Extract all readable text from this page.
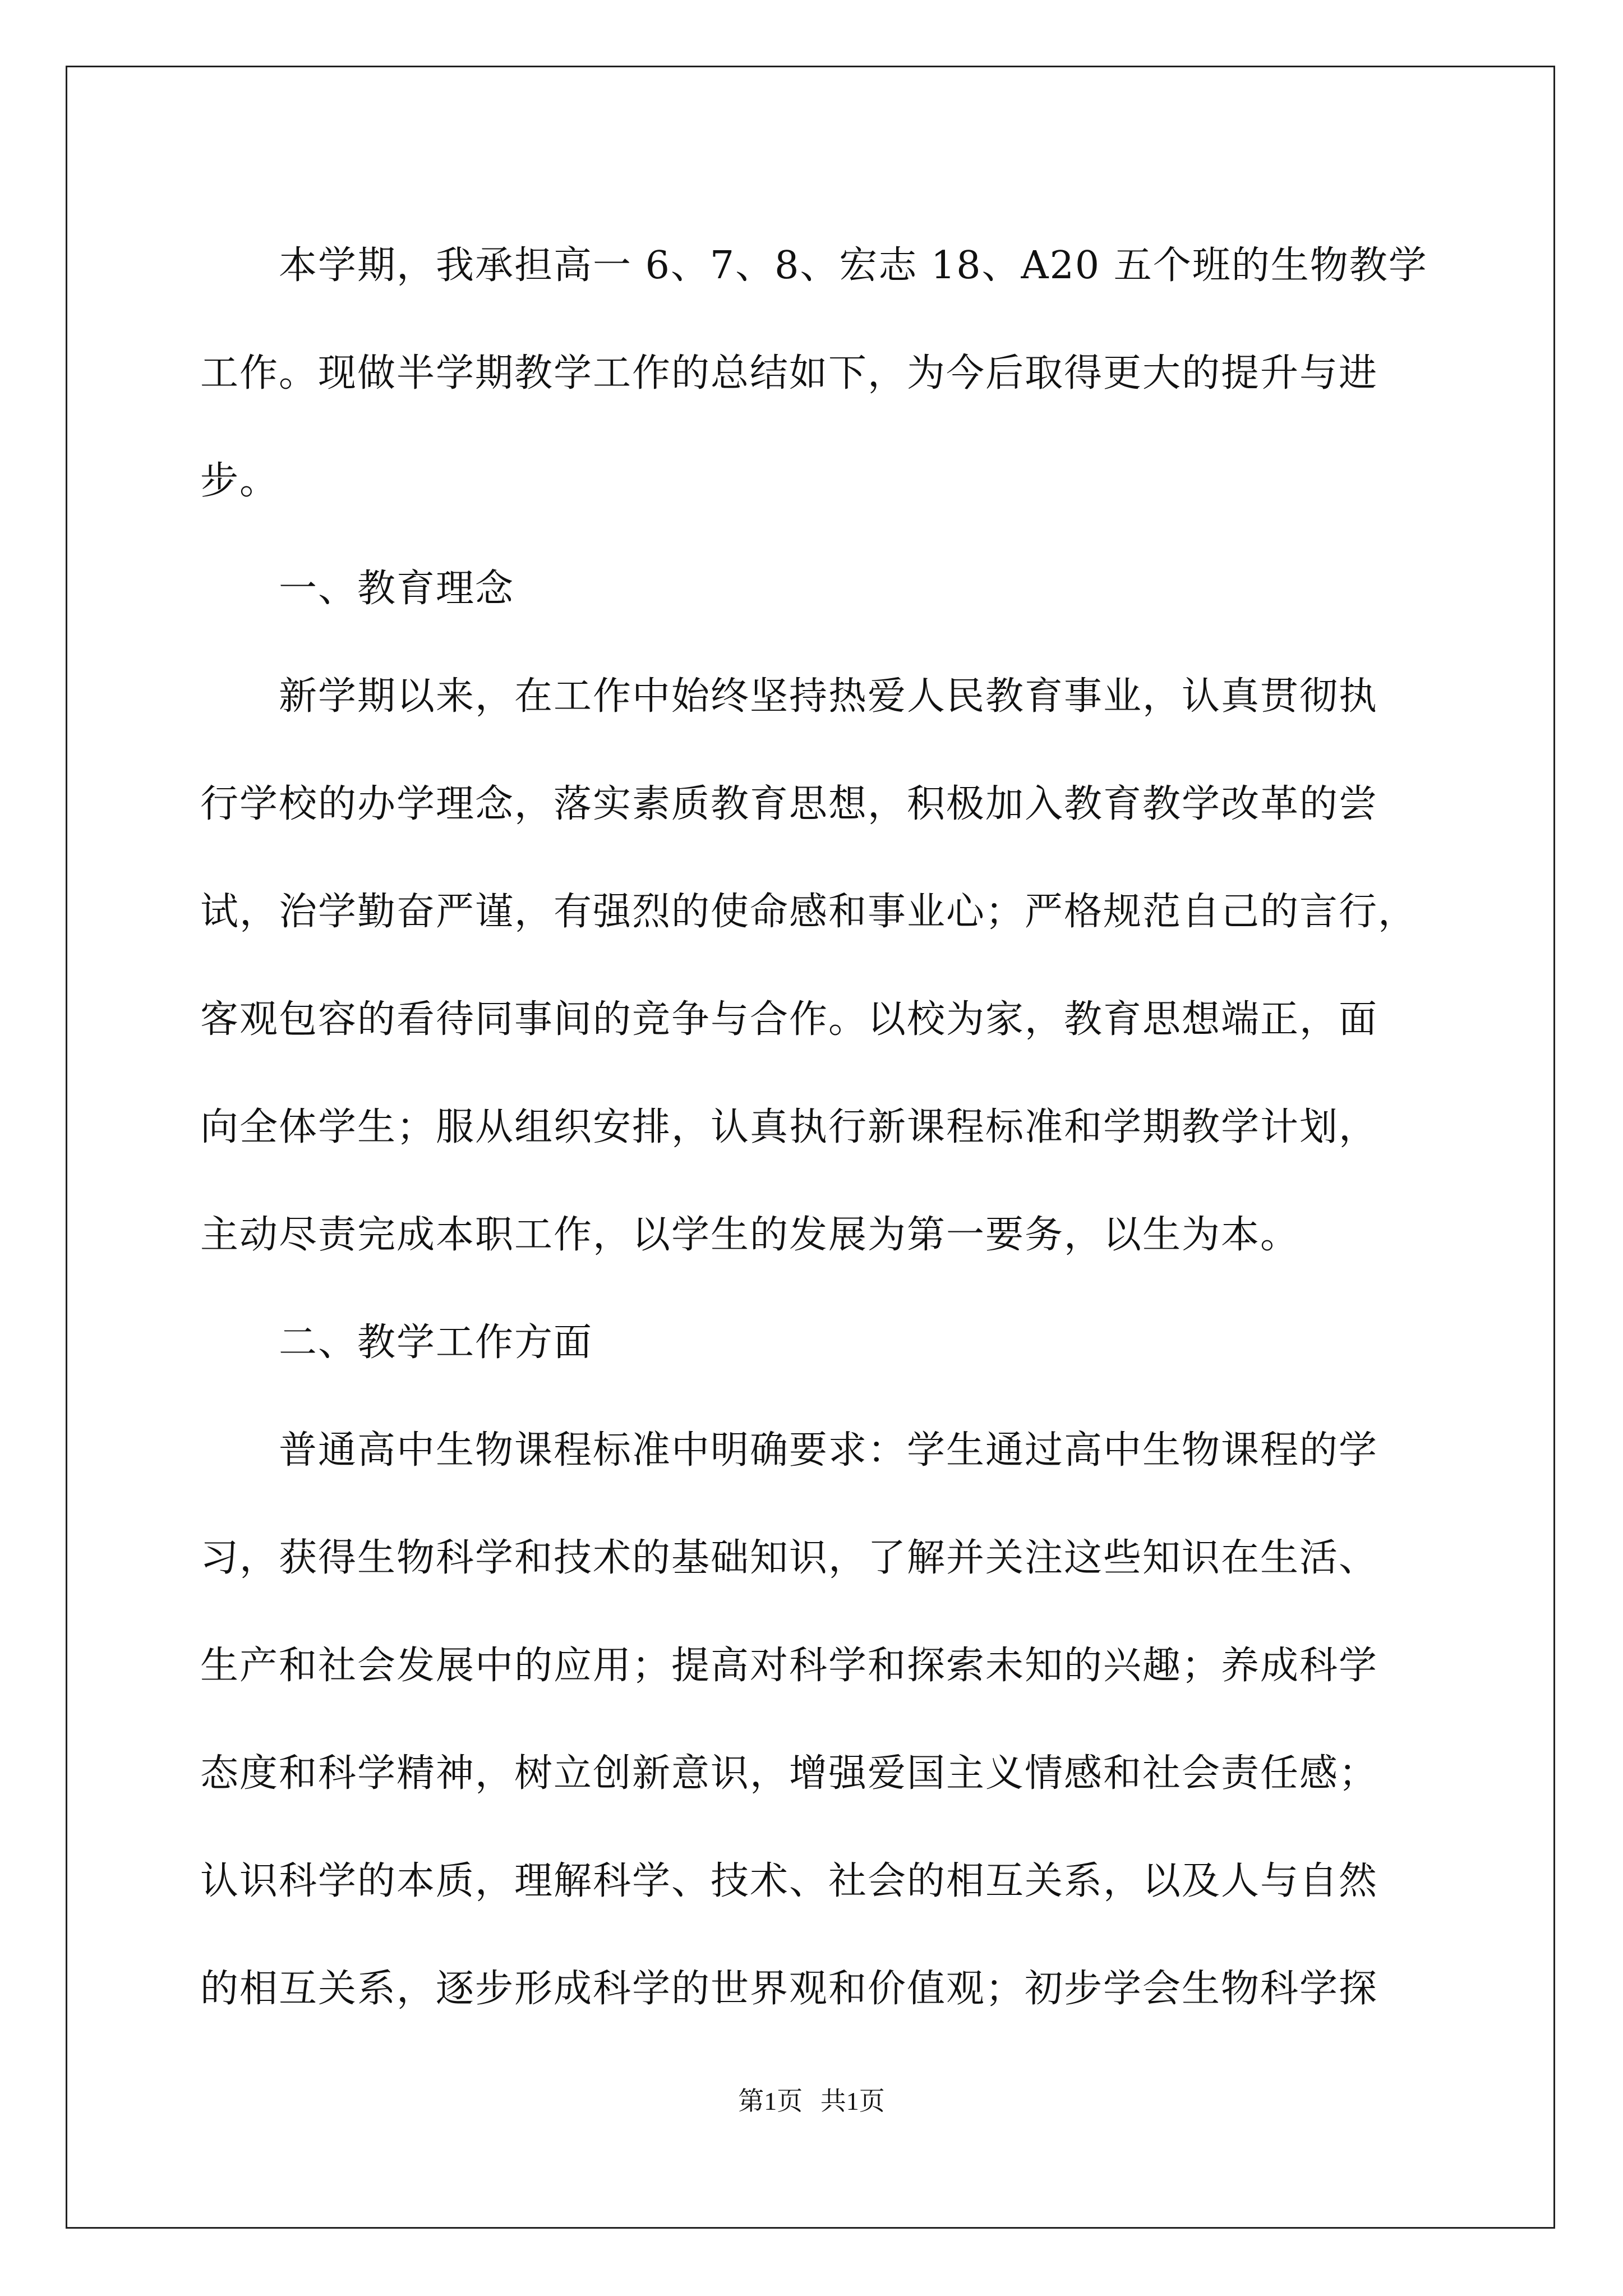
　　本学期，我承担高一 6、7、8、宏志 18、A20 五个班的生物教学
工作。现做半学期教学工作的总结如下，为今后取得更大的提升与进
步。
　　一、教育理念
　　新学期以来，在工作中始终坚持热爱人民教育事业，认真贯彻执
行学校的办学理念，落实素质教育思想，积极加入教育教学改革的尝
试，治学勤奋严谨，有强烈的使命感和事业心；严格规范自己的言行，
客观包容的看待同事间的竞争与合作。以校为家，教育思想端正，面
向全体学生；服从组织安排，认真执行新课程标准和学期教学计划，
主动尽责完成本职工作，以学生的发展为第一要务，以生为本。
　　二、教学工作方面
　　普通高中生物课程标准中明确要求：学生通过高中生物课程的学
习，获得生物科学和技术的基础知识，了解并关注这些知识在生活、
生产和社会发展中的应用；提高对科学和探索未知的兴趣；养成科学
态度和科学精神，树立创新意识，增强爱国主义情感和社会责任感；
认识科学的本质，理解科学、技术、社会的相互关系，以及人与自然
的相互关系，逐步形成科学的世界观和价值观；初步学会生物科学探
第1页 共1页
